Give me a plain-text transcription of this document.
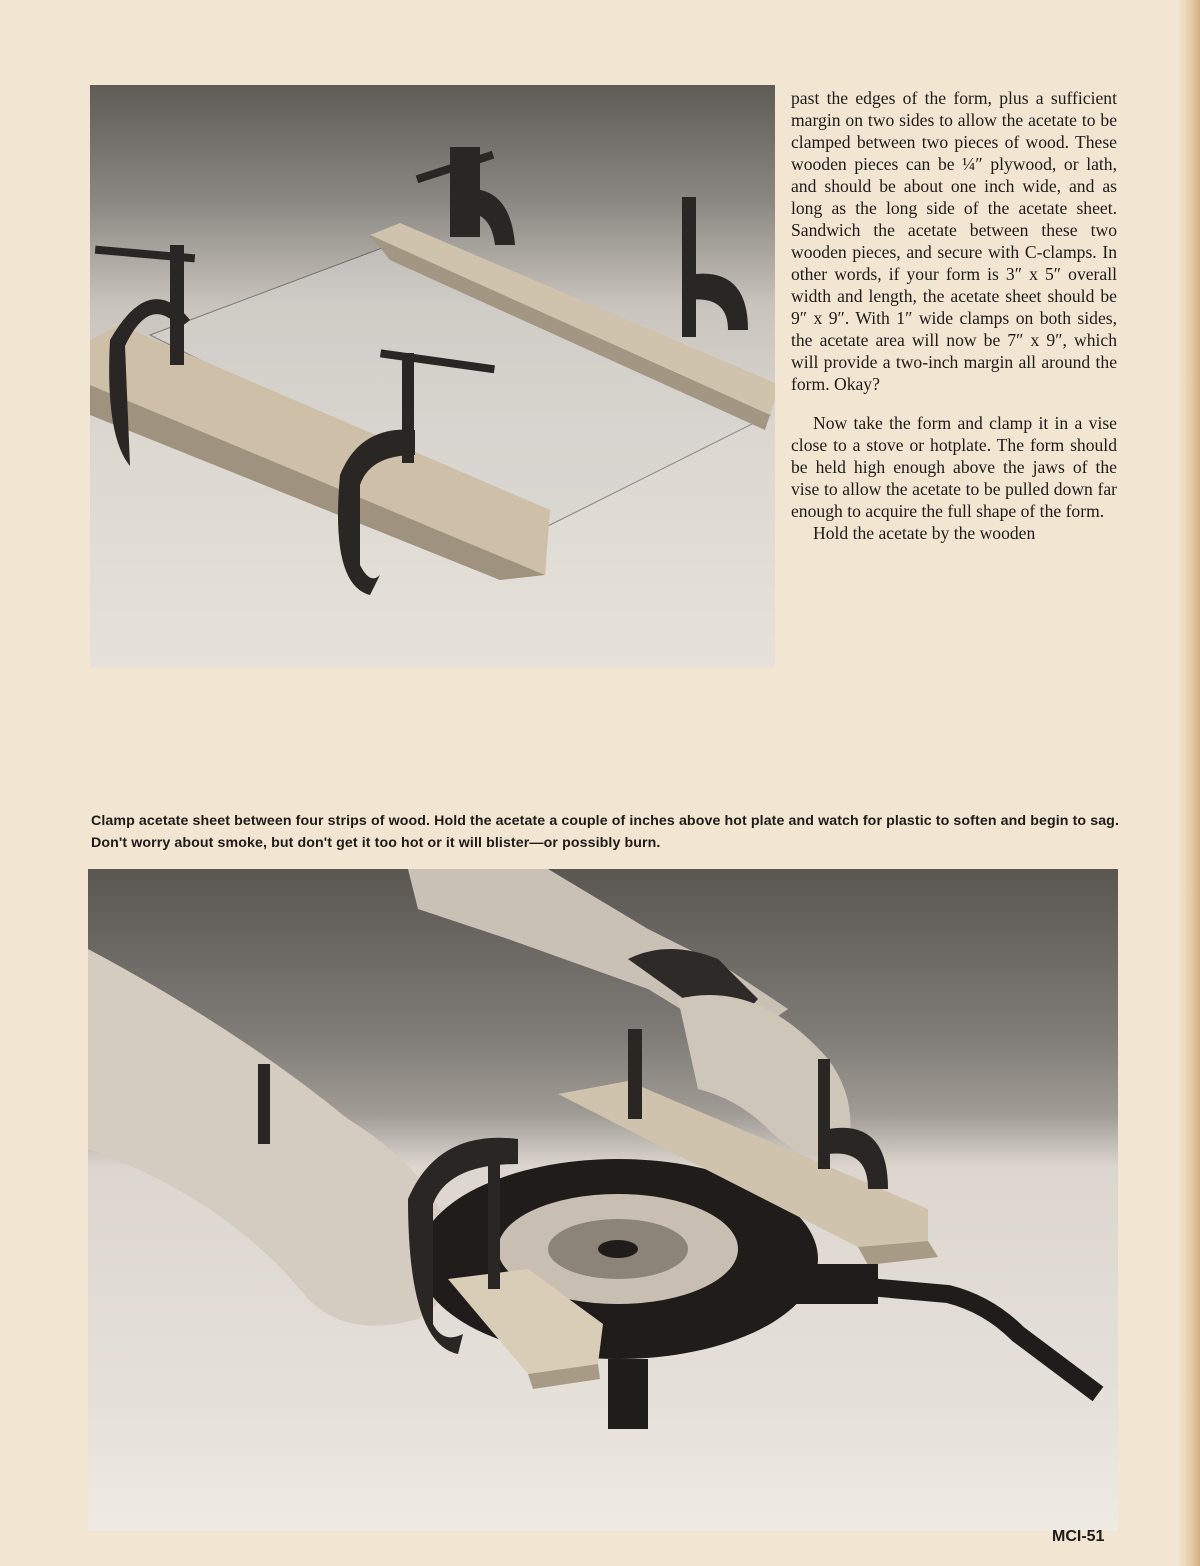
past the edges of the form, plus a sufficient margin on two sides to allow the acetate to be clamped between two pieces of wood. These wooden pieces can be ¼″ plywood, or lath, and should be about one inch wide, and as long as the long side of the acetate sheet. Sandwich the acetate between these two wooden pieces, and secure with C-clamps. In other words, if your form is 3″ x 5″ overall width and length, the acetate sheet should be 9″ x 9″. With 1″ wide clamps on both sides, the acetate area will now be 7″ x 9″, which will provide a two-inch margin all around the form. Okay?

Now take the form and clamp it in a vise close to a stove or hotplate. The form should be held high enough above the jaws of the vise to allow the acetate to be pulled down far enough to acquire the full shape of the form.

Hold the acetate by the wooden

Clamp acetate sheet between four strips of wood. Hold the acetate a couple of inches above hot plate and watch for plastic to soften and begin to sag. Don't worry about smoke, but don't get it too hot or it will blister—or possibly burn.
MCI-51
